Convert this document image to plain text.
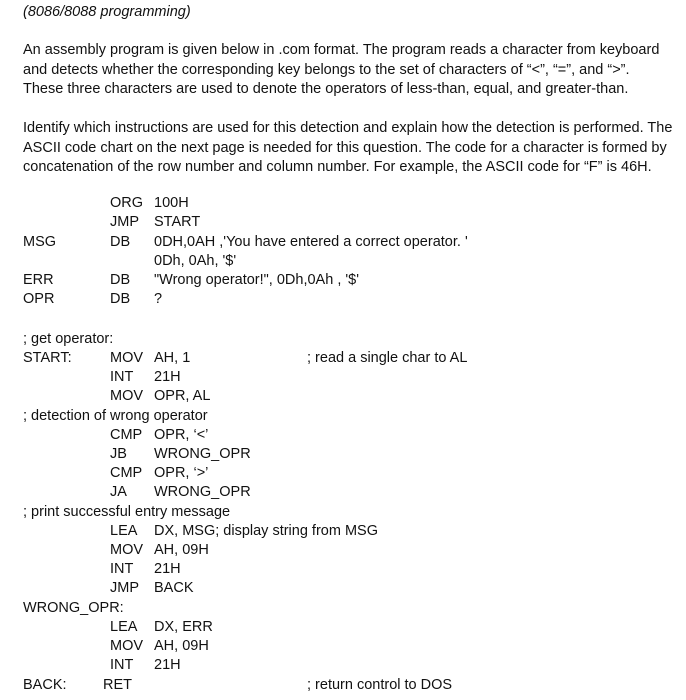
(8086/8088 programming)
An assembly program is given below in .com format. The program reads a character from keyboard and detects whether the corresponding key belongs to the set of characters of “<”, “=”, and “>”. These three characters are used to denote the operators of less-than, equal, and greater-than.
Identify which instructions are used for this detection and explain how the detection is performed. The ASCII code chart on the next page is needed for this question. The code for a character is formed by concatenation of the row number and column number. For example, the ASCII code for “F” is 46H.
ORG 100H
JMP START
MSG	DB 0DH,0AH ,'You have entered a correct operator. '
0Dh, 0Ah, '$'
ERR	DB "Wrong operator!", 0Dh,0Ah , '$'
OPR	DB ?
; get operator:
START:	MOV AH, 1	; read a single char to AL
INT 21H
MOV OPR, AL
; detection of wrong operator
CMP OPR, ‘<’
JB WRONG_OPR
CMP OPR, ‘>’
JA WRONG_OPR
; print successful entry message
LEA DX, MSG; display string from MSG
MOV AH, 09H
INT 21H
JMP BACK
WRONG_OPR:
LEA DX, ERR
MOV AH, 09H
INT 21H
BACK:	RET	; return control to DOS
